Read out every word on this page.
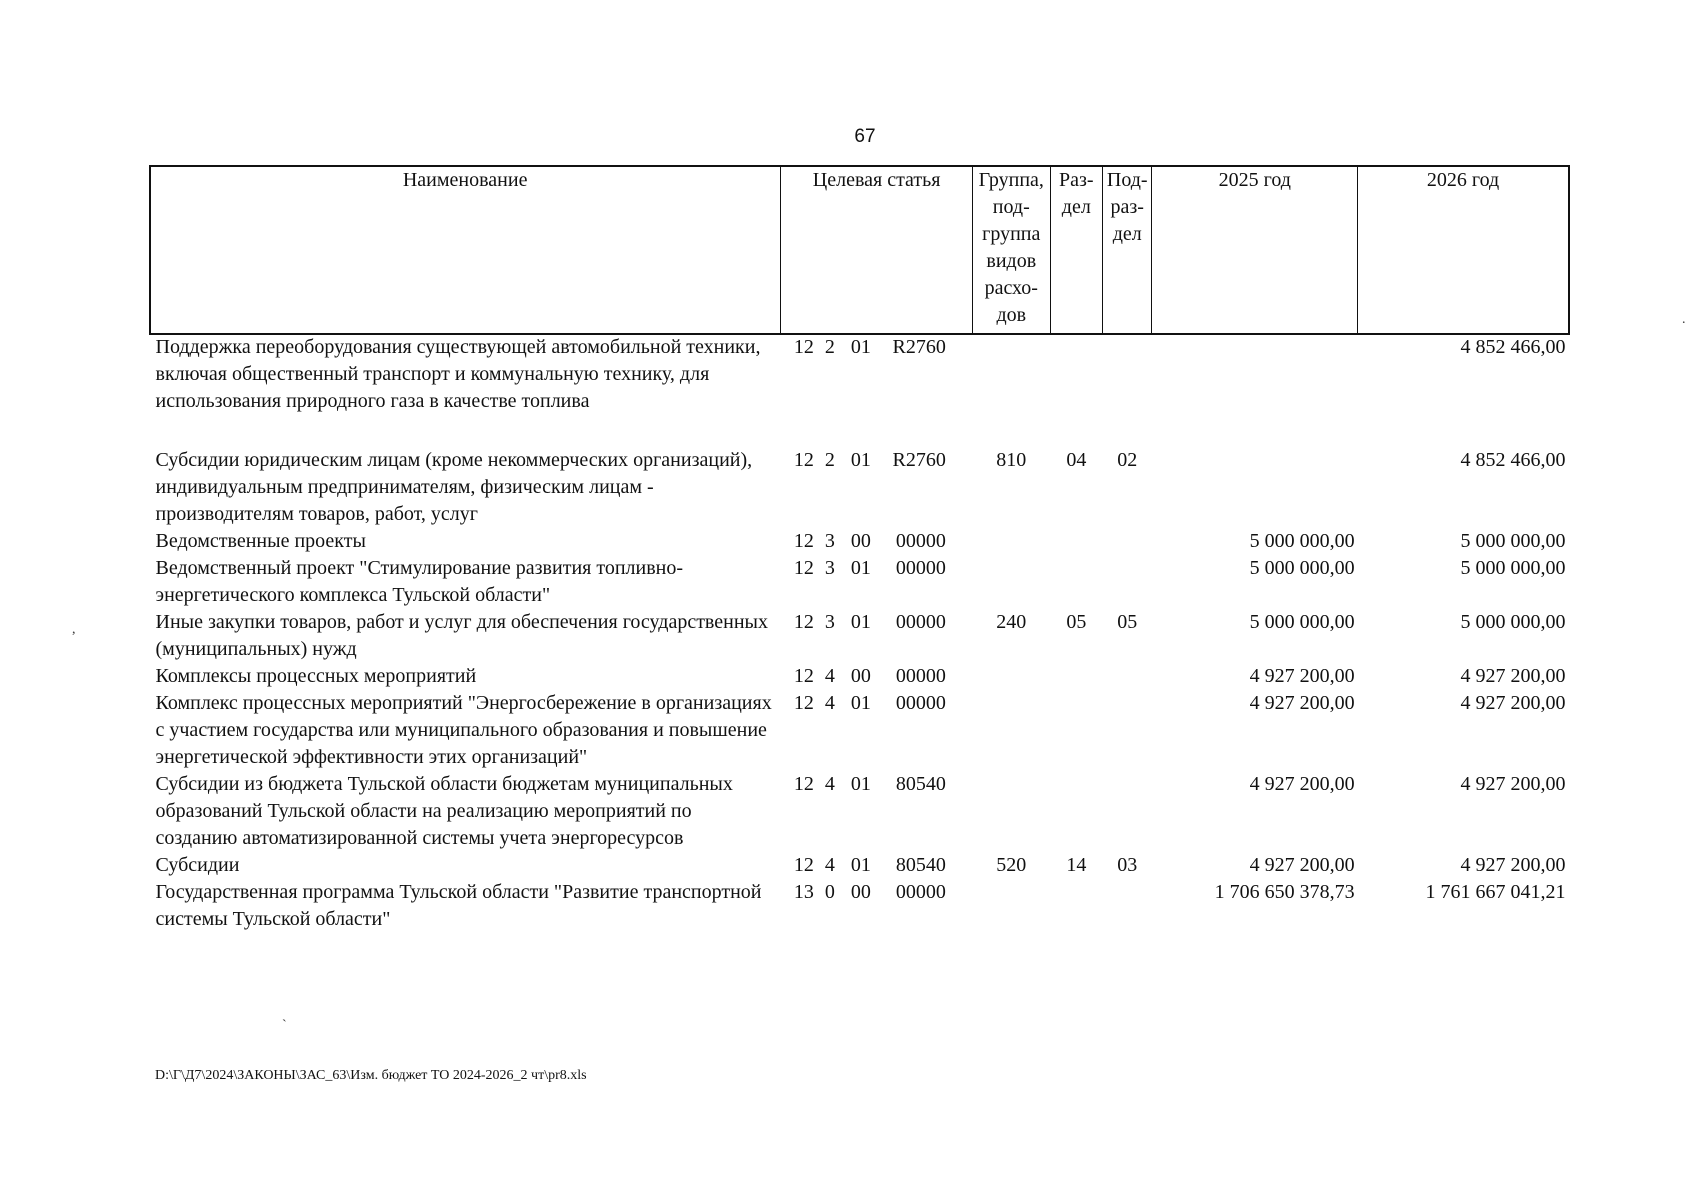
67
Наименование	Целевая статья	Группа, под-группа видов расхо-дов	Раз-дел	Под-раз-дел	2025 год	2026 год
Поддержка переоборудования существующей автомобильной техники, включая общественный транспорт и коммунальную технику, для использования природного газа в качестве топлива	12 2 01 R2760					4 852 466,00
Субсидии юридическим лицам (кроме некоммерческих организаций), индивидуальным предпринимателям, физическим лицам - производителям товаров, работ, услуг	12 2 01 R2760	810	04	02		4 852 466,00
Ведомственные проекты	12 3 00 00000				5 000 000,00	5 000 000,00
Ведомственный проект "Стимулирование развития топливно-энергетического комплекса Тульской области"	12 3 01 00000				5 000 000,00	5 000 000,00
Иные закупки товаров, работ и услуг для обеспечения государственных (муниципальных) нужд	12 3 01 00000	240	05	05	5 000 000,00	5 000 000,00
Комплексы процессных мероприятий	12 4 00 00000				4 927 200,00	4 927 200,00
Комплекс процессных мероприятий "Энергосбережение в организациях с участием государства или муниципального образования и повышение энергетической эффективности этих организаций"	12 4 01 00000				4 927 200,00	4 927 200,00
Субсидии из бюджета Тульской области бюджетам муниципальных образований Тульской области на реализацию мероприятий по созданию автоматизированной системы учета энергоресурсов	12 4 01 80540				4 927 200,00	4 927 200,00
Субсидии	12 4 01 80540	520	14	03	4 927 200,00	4 927 200,00
Государственная программа Тульской области "Развитие транспортной системы Тульской области"	13 0 00 00000				1 706 650 378,73	1 761 667 041,21
D:\Г\Д7\2024\ЗАКОНЫ\ЗАС_63\Изм. бюджет ТО 2024-2026_2 чт\pr8.xls
,
.
`
